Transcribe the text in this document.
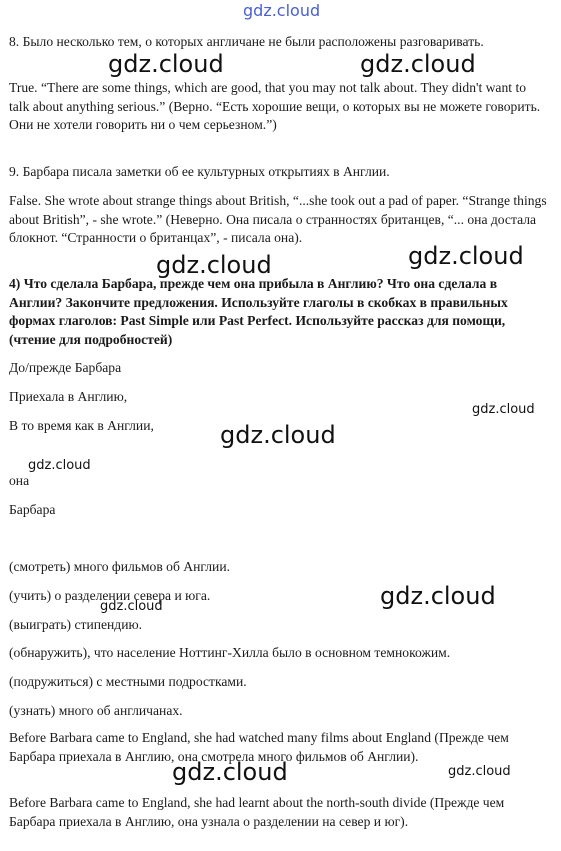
8. Было несколько тем, о которых англичане не были расположены разговаривать.

True. “There are some things, which are good, that you may not talk about. They didn't want to talk about anything serious.” (Верно. “Есть хорошие вещи, о которых вы не можете говорить. Они не хотели говорить ни о чем серьезном.”)

9. Барбара писала заметки об ее культурных открытиях в Англии.

False. She wrote about strange things about British, “...she took out a pad of paper. “Strange things about British”, - she wrote.” (Неверно. Она писала о странностях британцев, “... она достала блокнот. “Странности о британцах”, - писала она).

4) Что сделала Барбара, прежде чем она прибыла в Англию? Что она сделала в Англии? Закончите предложения. Используйте глаголы в скобках в правильных формах глаголов: Past Simple или Past Perfect. Используйте рассказ для помощи, (чтение для подробностей)

До/прежде Барбара

Приехала в Англию,

В то время как в Англии,

она

Барбара

(смотреть) много фильмов об Англии.

(учить) о разделении севера и юга.

(выиграть) стипендию.

(обнаружить), что население Ноттинг-Хилла было в основном темнокожим.

(подружиться) с местными подростками.

(узнать) много об англичанах.

Before Barbara came to England, she had watched many films about England (Прежде чем Барбара приехала в Англию, она смотрела много фильмов об Англии).

Before Barbara came to England, she had learnt about the north-south divide (Прежде чем Барбара приехала в Англию, она узнала о разделении на север и юг).

gdz.cloud
gdz.cloud	gdz.cloud
gdz.cloud	gdz.cloud
gdz.cloud
gdz.cloud
gdz.cloud
gdz.cloud
gdz.cloud
gdz.cloud	gdz.cloud
